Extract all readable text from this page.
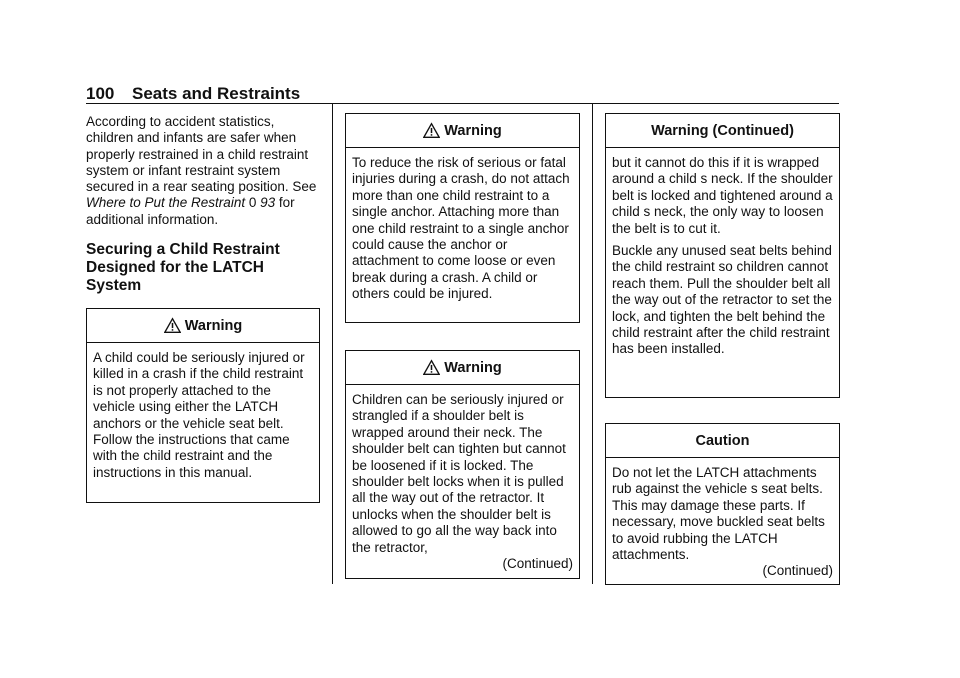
100 Seats and Restraints

According to accident statistics, children and infants are safer when properly restrained in a child restraint system or infant restraint system secured in a rear seating position. See Where to Put the Restraint 0 93 for additional information.

Securing a Child Restraint Designed for the LATCH System
Warning

A child could be seriously injured or killed in a crash if the child restraint is not properly attached to the vehicle using either the LATCH anchors or the vehicle seat belt. Follow the instructions that came with the child restraint and the instructions in this manual.

Warning

To reduce the risk of serious or fatal injuries during a crash, do not attach more than one child restraint to a single anchor. Attaching more than one child restraint to a single anchor could cause the anchor or attachment to come loose or even break during a crash. A child or others could be injured.

Warning

Children can be seriously injured or strangled if a shoulder belt is wrapped around their neck. The shoulder belt can tighten but cannot be loosened if it is locked. The shoulder belt locks when it is pulled all the way out of the retractor. It unlocks when the shoulder belt is allowed to go all the way back into the retractor,

(Continued)
Warning (Continued)

but it cannot do this if it is wrapped around a child s neck. If the shoulder belt is locked and tightened around a child s neck, the only way to loosen the belt is to cut it.

Buckle any unused seat belts behind the child restraint so children cannot reach them. Pull the shoulder belt all the way out of the retractor to set the lock, and tighten the belt behind the child restraint after the child restraint has been installed.

Caution

Do not let the LATCH attachments rub against the vehicle s seat belts. This may damage these parts. If necessary, move buckled seat belts to avoid rubbing the LATCH attachments.

(Continued)
